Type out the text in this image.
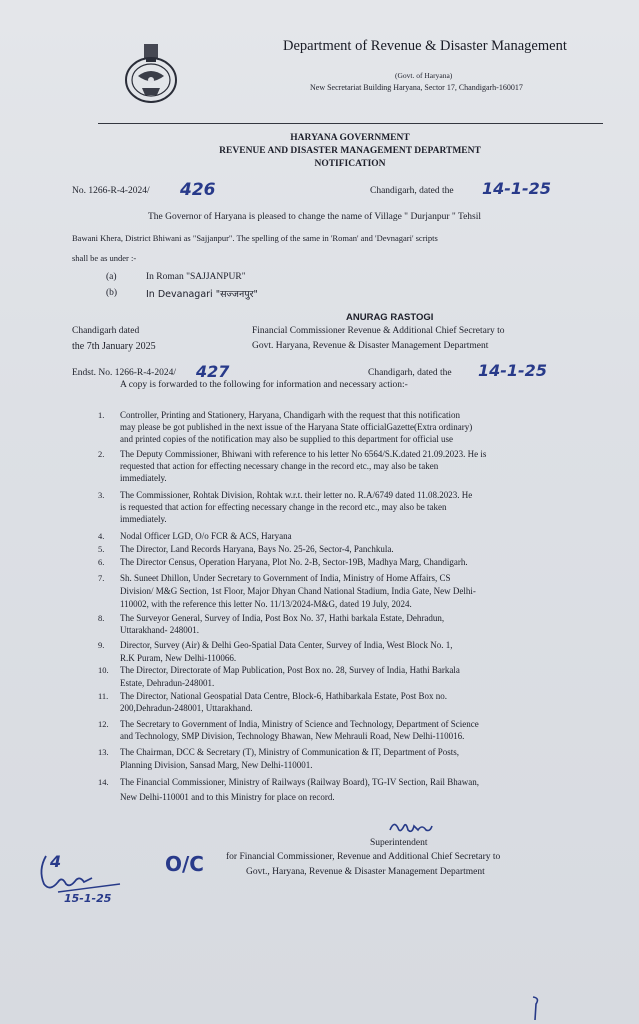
Department of Revenue & Disaster Management
(Govt. of Haryana)
New Secretariat Building Haryana, Sector 17, Chandigarh-160017
HARYANA GOVERNMENT
REVENUE AND DISASTER MANAGEMENT DEPARTMENT
NOTIFICATION
No. 1266-R-4-2024/ 426	Chandigarh, dated the 14-1-25
The Governor of Haryana is pleased to change the name of Village " Durjanpur " Tehsil
Bawani Khera, District Bhiwani as "Sajjanpur". The spelling of the same in 'Roman' and 'Devnagari' scripts
shall be as under :-
(a)	In Roman "SAJJANPUR"
(b)	In Devanagari "सज्जनपुर"
ANURAG RASTOGI
Financial Commissioner Revenue & Additional Chief Secretary to
Govt. Haryana, Revenue & Disaster Management Department
Chandigarh dated
the 7th January 2025
Endst. No. 1266-R-4-2024/ 427	Chandigarh, dated the 14-1-25
A copy is forwarded to the following for information and necessary action:-
1. Controller, Printing and Stationery, Haryana, Chandigarh with the request that this notification
may please be got published in the next issue of the Haryana State officialGazette(Extra ordinary)
and printed copies of the notification may also be supplied to this department for official use
2. The Deputy Commissioner, Bhiwani with reference to his letter No 6564/S.K.dated 21.09.2023. He is
requested that action for effecting necessary change in the record etc., may also be taken
immediately.
3. The Commissioner, Rohtak Division, Rohtak w.r.t. their letter no. R.A/6749 dated 11.08.2023. He
is requested that action for effecting necessary change in the record etc., may also be taken
immediately.
4. Nodal Officer LGD, O/o FCR & ACS, Haryana
5. The Director, Land Records Haryana, Bays No. 25-26, Sector-4, Panchkula.
6. The Director Census, Operation Haryana, Plot No. 2-B, Sector-19B, Madhya Marg, Chandigarh.
7. Sh. Suneet Dhillon, Under Secretary to Government of India, Ministry of Home Affairs, CS
Division/ M&G Section, 1st Floor, Major Dhyan Chand National Stadium, India Gate, New Delhi-
110002, with the reference this letter No. 11/13/2024-M&G, dated 19 July, 2024.
8. The Surveyor General, Survey of India, Post Box No. 37, Hathi barkala Estate, Dehradun,
Uttarakhand- 248001.
9. Director, Survey (Air) & Delhi Geo-Spatial Data Center, Survey of India, West Block No. 1,
R.K Puram, New Delhi-110066.
10. The Director, Directorate of Map Publication, Post Box no. 28, Survey of India, Hathi Barkala
Estate, Dehradun-248001.
11. The Director, National Geospatial Data Centre, Block-6, Hathibarkala Estate, Post Box no.
200,Dehradun-248001, Uttarakhand.
12. The Secretary to Government of India, Ministry of Science and Technology, Department of Science
and Technology, SMP Division, Technology Bhawan, New Mehrauli Road, New Delhi-110016.
13. The Chairman, DCC & Secretary (T), Ministry of Communication & IT, Department of Posts,
Planning Division, Sansad Marg, New Delhi-110001.
14. The Financial Commissioner, Ministry of Railways (Railway Board), TG-IV Section, Rail Bhawan,
New Delhi-110001 and to this Ministry for place on record.
Superintendent
for Financial Commissioner, Revenue and Additional Chief Secretary to
Govt., Haryana, Revenue & Disaster Management Department
O/C
4
15-1-25
